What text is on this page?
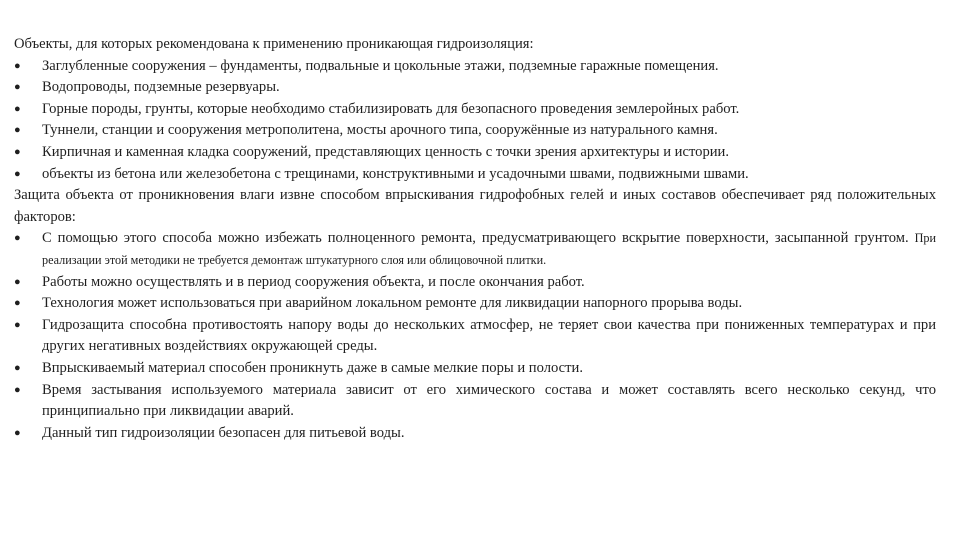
Объекты, для которых рекомендована к применению проникающая гидроизоляция:

● Заглубленные сооружения – фундаменты, подвальные и цокольные этажи, подземные гаражные помещения.

● Водопроводы, подземные резервуары.

● Горные породы, грунты, которые необходимо стабилизировать для безопасного проведения землеройных работ.

● Туннели, станции и сооружения метрополитена, мосты арочного типа, сооружённые из натурального камня.

● Кирпичная и каменная кладка сооружений, представляющих ценность с точки зрения архитектуры и истории.

● объекты из бетона или железобетона с трещинами, конструктивными и усадочными швами, подвижными швами.

Защита объекта от проникновения влаги извне способом впрыскивания гидрофобных гелей и иных составов обеспечивает ряд положительных факторов:

● С помощью этого способа можно избежать полноценного ремонта, предусматривающего вскрытие поверхности, засыпанной грунтом. При реализации этой методики не требуется демонтаж штукатурного слоя или облицовочной плитки.

● Работы можно осуществлять и в период сооружения объекта, и после окончания работ.

● Технология может использоваться при аварийном локальном ремонте для ликвидации напорного прорыва воды.

● Гидрозащита способна противостоять напору воды до нескольких атмосфер, не теряет свои качества при пониженных температурах и при других негативных воздействиях окружающей среды.

● Впрыскиваемый материал способен проникнуть даже в самые мелкие поры и полости.

● Время застывания используемого материала зависит от его химического состава и может составлять всего несколько секунд, что принципиально при ликвидации аварий.

● Данный тип гидроизоляции безопасен для питьевой воды.
